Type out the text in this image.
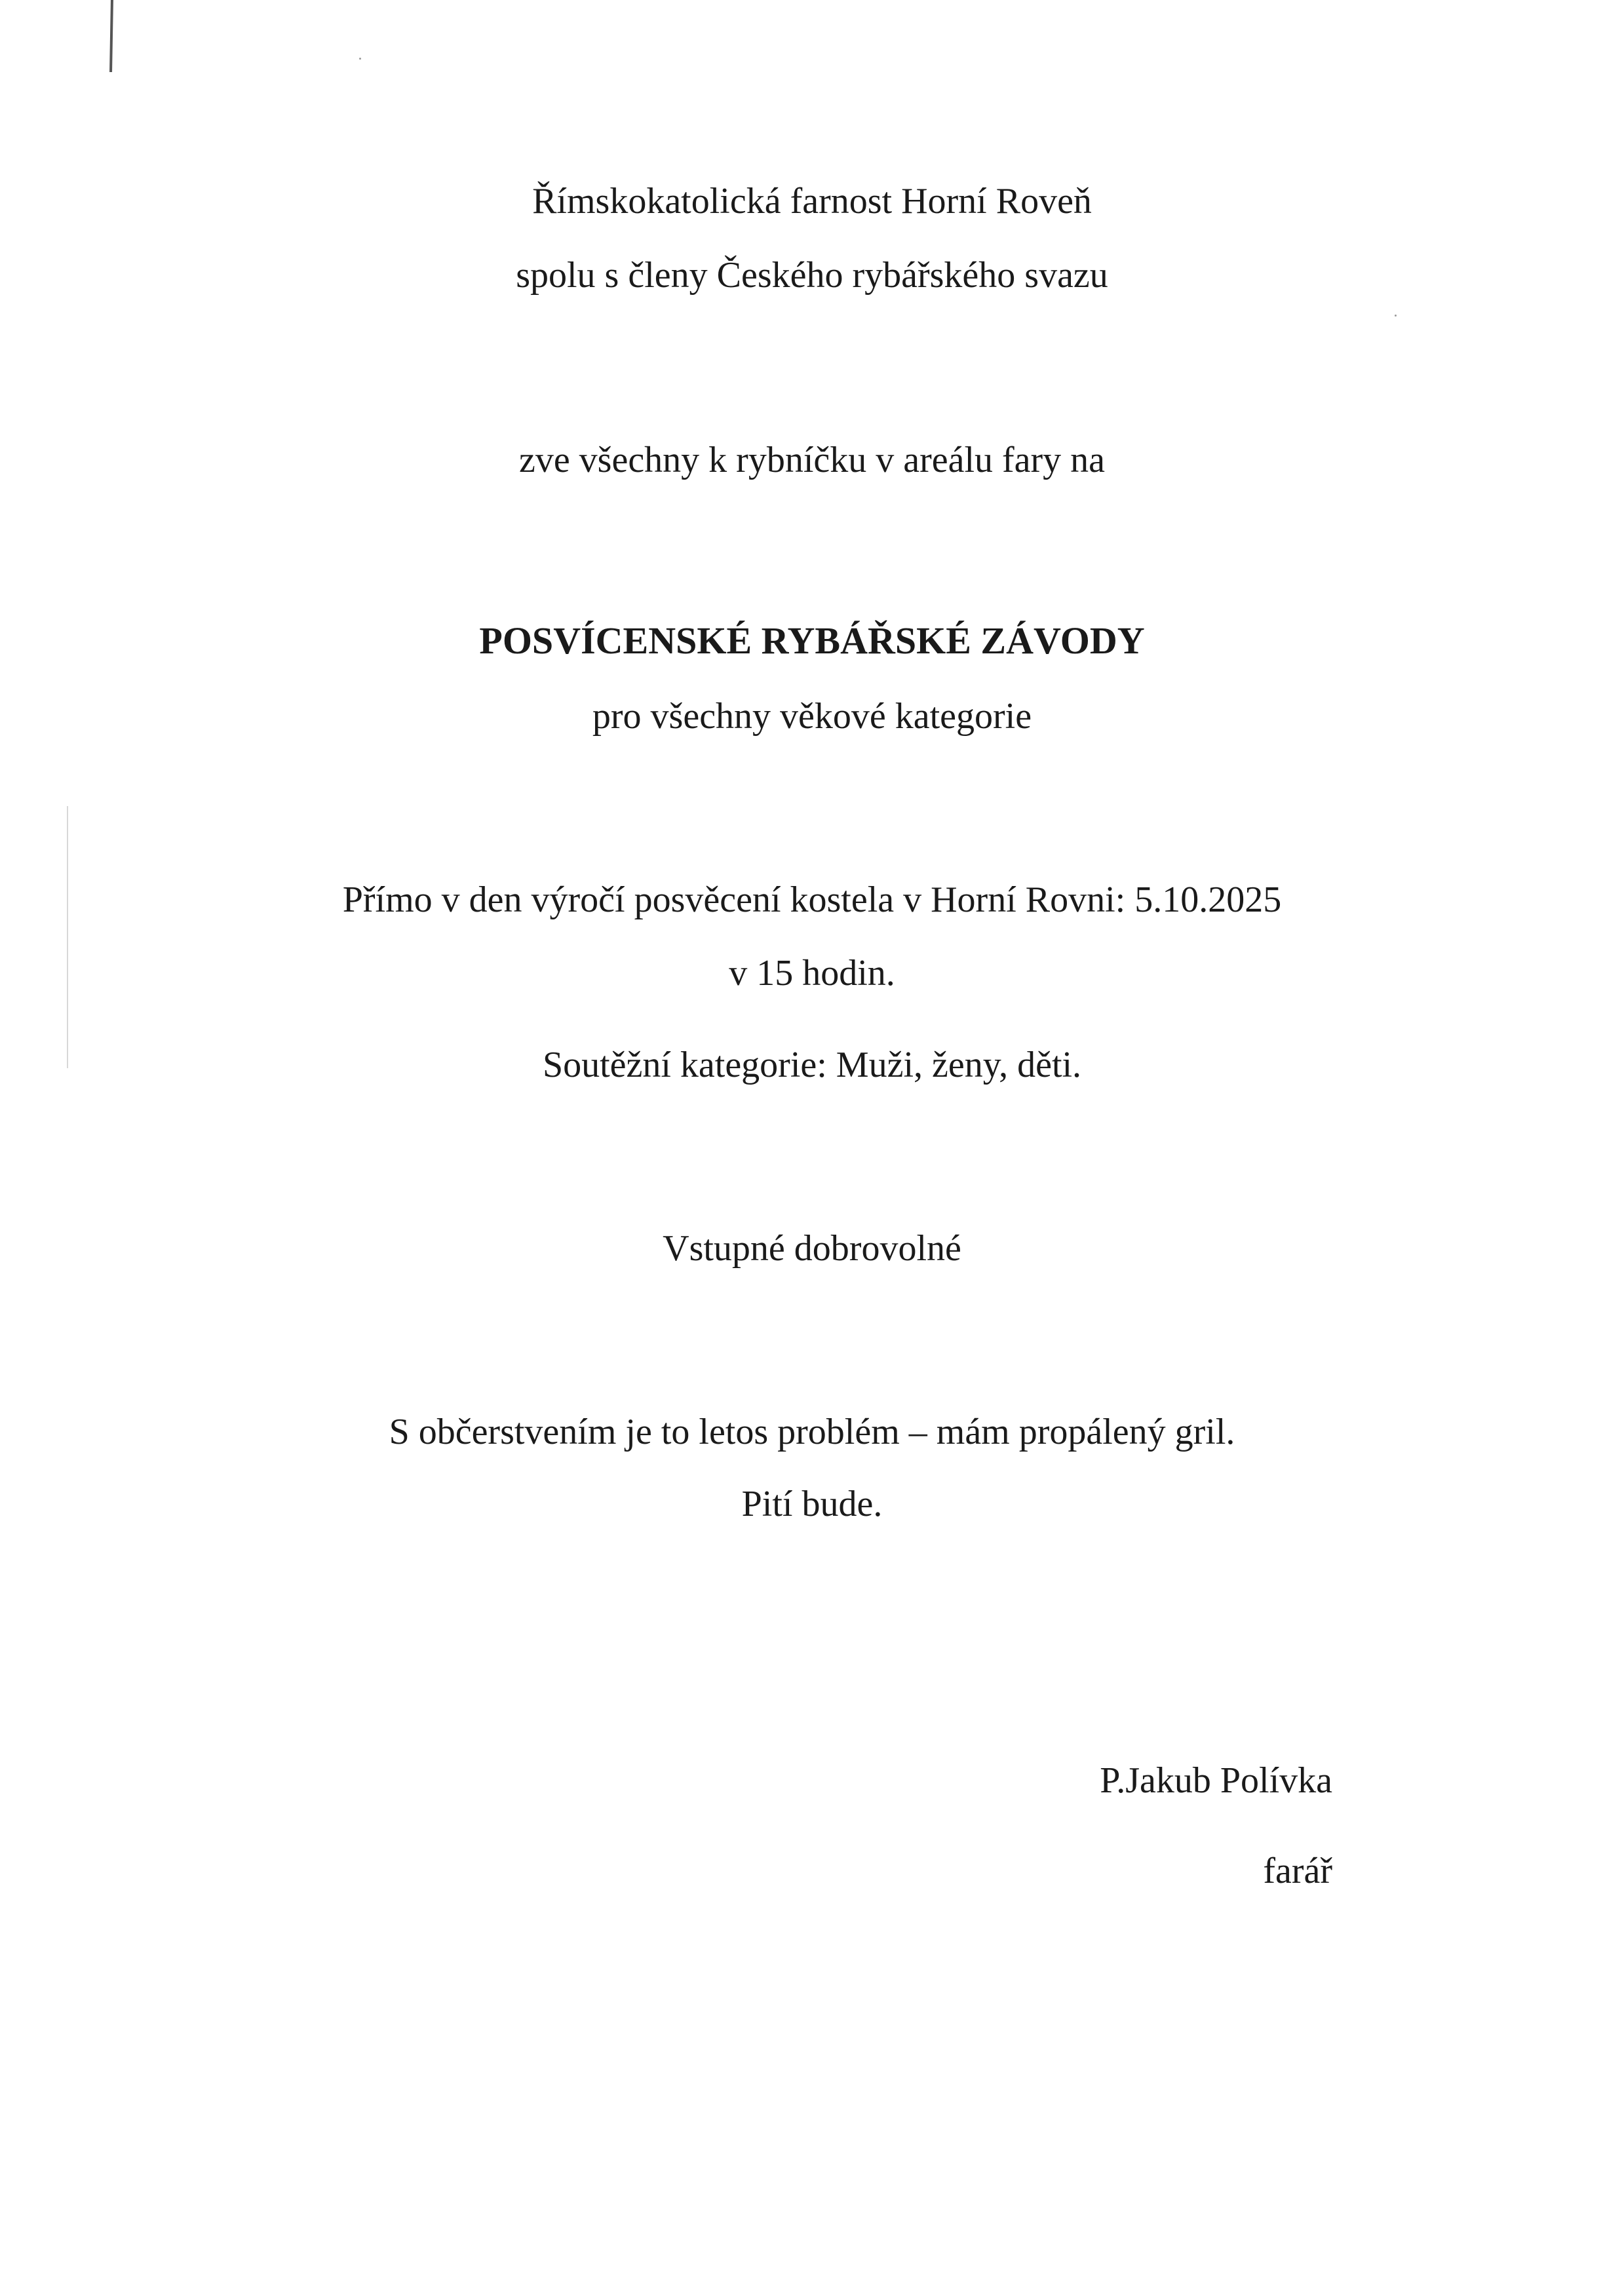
Římskokatolická farnost Horní Roveň
spolu s členy Českého rybářského svazu
zve všechny k rybníčku v areálu fary na
POSVÍCENSKÉ RYBÁŘSKÉ ZÁVODY
pro všechny věkové kategorie
Přímo v den výročí posvěcení kostela v Horní Rovni: 5.10.2025
v 15 hodin.
Soutěžní kategorie: Muži, ženy, děti.
Vstupné dobrovolné
S občerstvením je to letos problém – mám propálený gril.
Pití bude.
P.Jakub Polívka
farář
